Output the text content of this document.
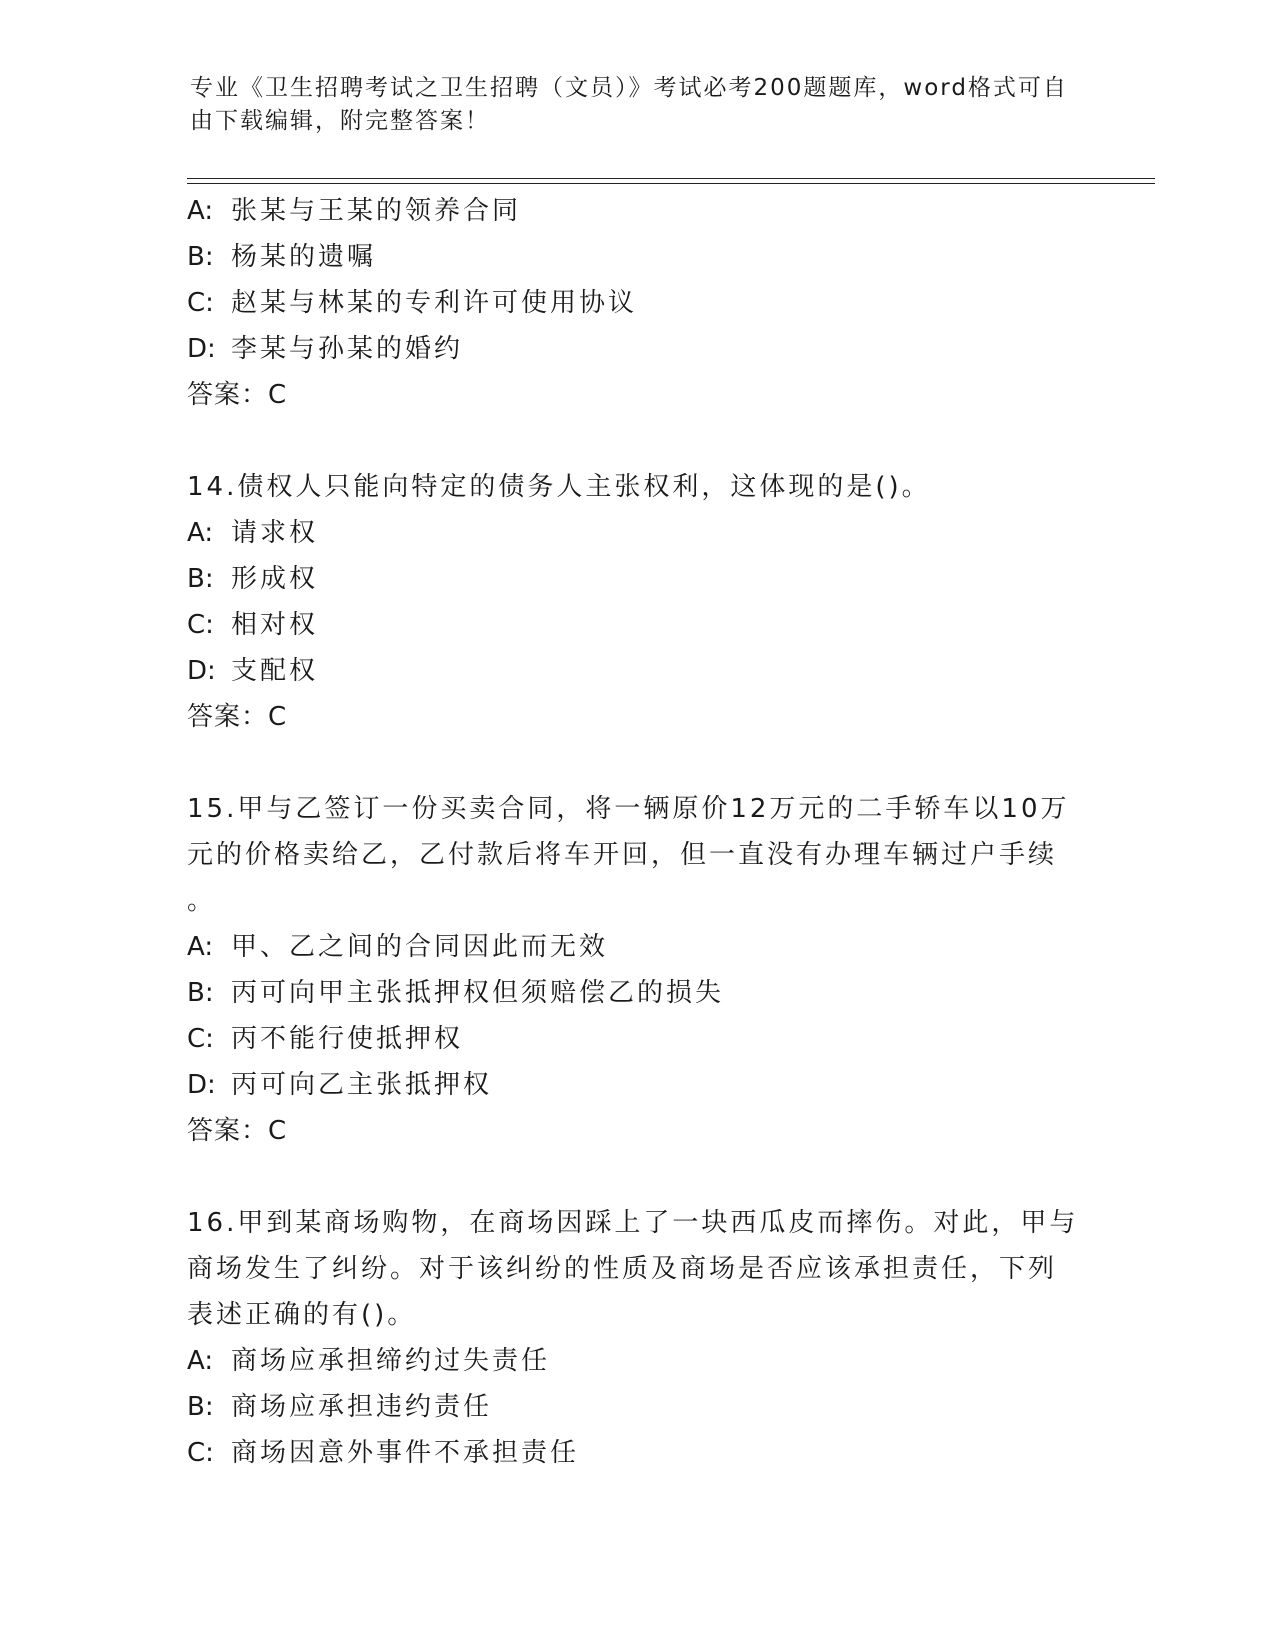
专业《卫生招聘考试之卫生招聘（文员）》考试必考200题题库，word格式可自
由下载编辑，附完整答案！
A: 张某与王某的领养合同
B: 杨某的遗嘱
C: 赵某与林某的专利许可使用协议
D: 李某与孙某的婚约
答案：C
14.债权人只能向特定的债务人主张权利，这体现的是()。
A: 请求权
B: 形成权
C: 相对权
D: 支配权
答案：C
15.甲与乙签订一份买卖合同，将一辆原价12万元的二手轿车以10万
元的价格卖给乙，乙付款后将车开回，但一直没有办理车辆过户手续
。
A: 甲、乙之间的合同因此而无效
B: 丙可向甲主张抵押权但须赔偿乙的损失
C: 丙不能行使抵押权
D: 丙可向乙主张抵押权
答案：C
16.甲到某商场购物，在商场因踩上了一块西瓜皮而摔伤。对此，甲与
商场发生了纠纷。对于该纠纷的性质及商场是否应该承担责任，下列
表述正确的有()。
A: 商场应承担缔约过失责任
B: 商场应承担违约责任
C: 商场因意外事件不承担责任
